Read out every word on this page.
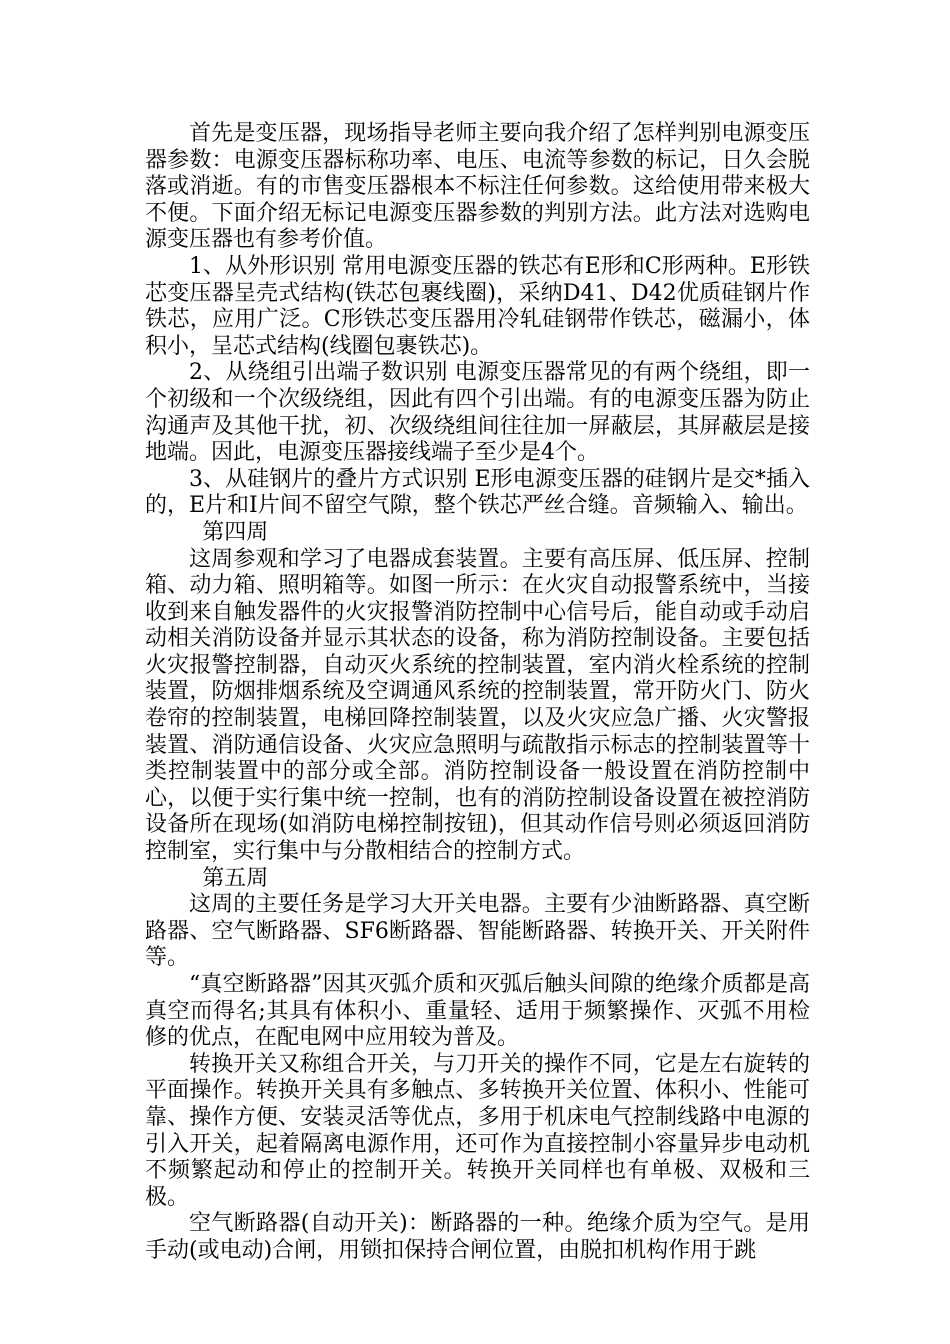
首先是变压器，现场指导老师主要向我介绍了怎样判别电源变压器参数：电源变压器标称功率、电压、电流等参数的标记，日久会脱落或消逝。有的市售变压器根本不标注任何参数。这给使用带来极大不便。下面介绍无标记电源变压器参数的判别方法。此方法对选购电源变压器也有参考价值。

1、从外形识别 常用电源变压器的铁芯有E形和C形两种。E形铁芯变压器呈壳式结构(铁芯包裹线圈)，采纳D41、D42优质硅钢片作铁芯，应用广泛。C形铁芯变压器用冷轧硅钢带作铁芯，磁漏小，体积小，呈芯式结构(线圈包裹铁芯)。

2、从绕组引出端子数识别 电源变压器常见的有两个绕组，即一个初级和一个次级绕组，因此有四个引出端。有的电源变压器为防止沟通声及其他干扰，初、次级绕组间往往加一屏蔽层，其屏蔽层是接地端。因此，电源变压器接线端子至少是4个。

3、从硅钢片的叠片方式识别 E形电源变压器的硅钢片是交*插入的，E片和I片间不留空气隙，整个铁芯严丝合缝。音频输入、输出。

第四周

这周参观和学习了电器成套装置。主要有高压屏、低压屏、控制箱、动力箱、照明箱等。如图一所示：在火灾自动报警系统中，当接收到来自触发器件的火灾报警消防控制中心信号后，能自动或手动启动相关消防设备并显示其状态的设备，称为消防控制设备。主要包括火灾报警控制器，自动灭火系统的控制装置，室内消火栓系统的控制装置，防烟排烟系统及空调通风系统的控制装置，常开防火门、防火卷帘的控制装置，电梯回降控制装置，以及火灾应急广播、火灾警报装置、消防通信设备、火灾应急照明与疏散指示标志的控制装置等十类控制装置中的部分或全部。消防控制设备一般设置在消防控制中心，以便于实行集中统一控制，也有的消防控制设备设置在被控消防设备所在现场(如消防电梯控制按钮)，但其动作信号则必须返回消防控制室，实行集中与分散相结合的控制方式。

第五周

这周的主要任务是学习大开关电器。主要有少油断路器、真空断路器、空气断路器、SF6断路器、智能断路器、转换开关、开关附件等。

“真空断路器”因其灭弧介质和灭弧后触头间隙的绝缘介质都是高真空而得名;其具有体积小、重量轻、适用于频繁操作、灭弧不用检修的优点，在配电网中应用较为普及。

转换开关又称组合开关，与刀开关的操作不同，它是左右旋转的平面操作。转换开关具有多触点、多转换开关位置、体积小、性能可靠、操作方便、安装灵活等优点，多用于机床电气控制线路中电源的引入开关，起着隔离电源作用，还可作为直接控制小容量异步电动机不频繁起动和停止的控制开关。转换开关同样也有单极、双极和三极。

空气断路器(自动开关)：断路器的一种。绝缘介质为空气。是用手动(或电动)合闸，用锁扣保持合闸位置，由脱扣机构作用于跳
